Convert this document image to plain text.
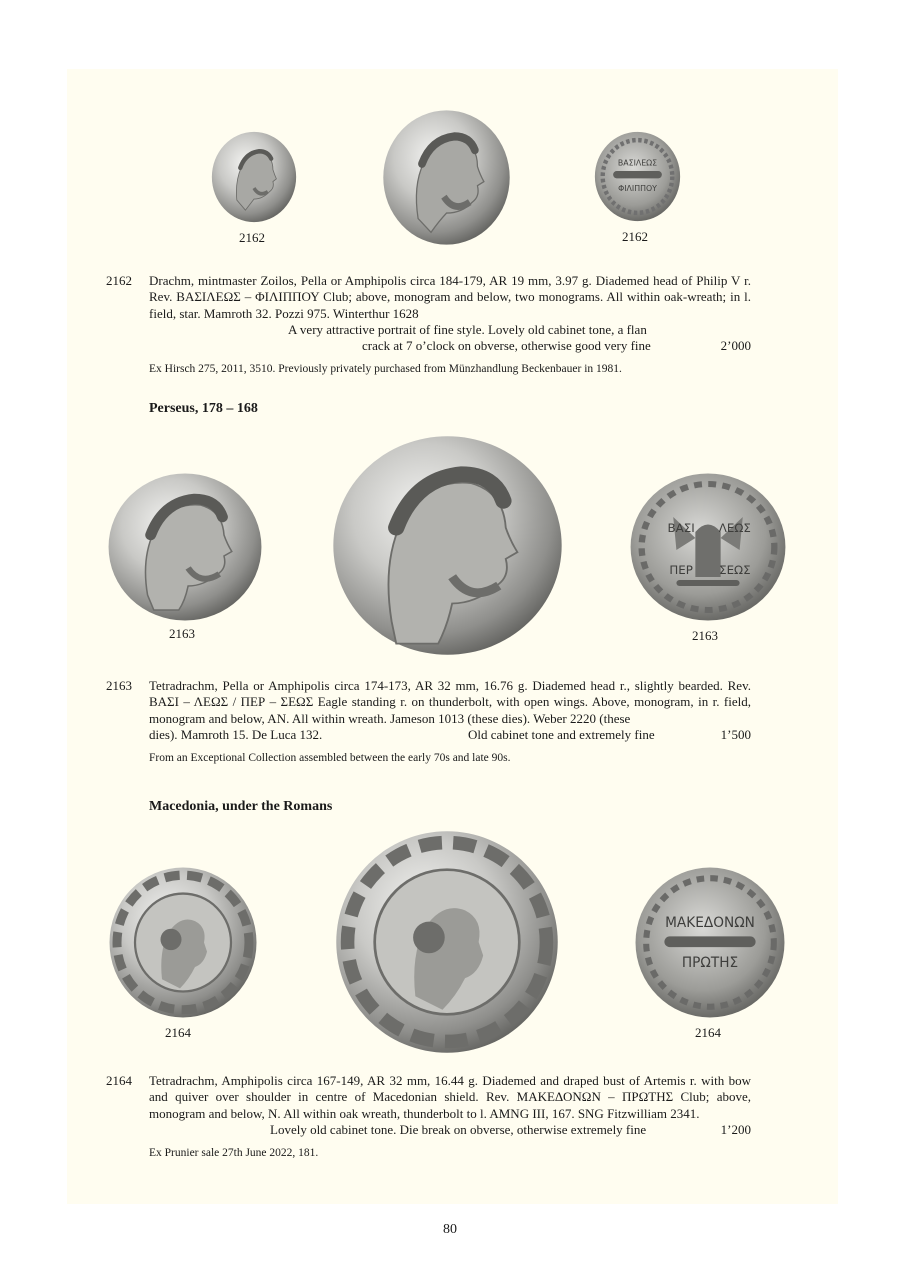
ΒΑΣΙΛΕΩΣ
ΦΙΛΙΠΠΟΥ
2162	2162
2162 Drachm, mintmaster Zoilos, Pella or Amphipolis circa 184-179, AR 19 mm, 3.97 g. Diademed head of Philip V r. Rev. ΒΑΣΙΛΕΩΣ – ΦΙΛΙΠΠΟΥ Club; above, monogram and below, two monograms. All within oak-wreath; in l. field, star. Mamroth 32. Pozzi 975. Winterthur 1628

A very attractive portrait of fine style. Lovely old cabinet tone, a flan
crack at 7 o’clock on obverse, otherwise good very fine	2’000
Ex Hirsch 275, 2011, 3510. Previously privately purchased from Münzhandlung Beckenbauer in 1981.
Perseus, 178 – 168
ΒΑΣΙ	ΛΕΩΣ
ΠΕΡ	ΣΕΩΣ
2163	2163
2163 Tetradrachm, Pella or Amphipolis circa 174-173, AR 32 mm, 16.76 g. Diademed head r., slightly bearded. Rev. ΒΑΣΙ – ΛΕΩΣ / ΠΕΡ – ΣΕΩΣ Eagle standing r. on thunderbolt, with open wings. Above, monogram, in r. field, monogram and below, AN. All within wreath. Jameson 1013 (these dies). Weber 2220 (these

dies). Mamroth 15. De Luca 132.	Old cabinet tone and extremely fine	1’500
From an Exceptional Collection assembled between the early 70s and late 90s.
Macedonia, under the Romans
ΜΑΚΕΔΟΝΩΝ
ΠΡΩΤΗΣ
2164	2164
2164 Tetradrachm, Amphipolis circa 167-149, AR 32 mm, 16.44 g. Diademed and draped bust of Artemis r. with bow and quiver over shoulder in centre of Macedonian shield. Rev. ΜΑΚΕΔΟΝΩΝ – ΠΡΩΤΗΣ Club; above, monogram and below, N. All within oak wreath, thunderbolt to l. AMNG III, 167. SNG Fitzwilliam 2341.

Lovely old cabinet tone. Die break on obverse, otherwise extremely fine	1’200
Ex Prunier sale 27th June 2022, 181.
80
